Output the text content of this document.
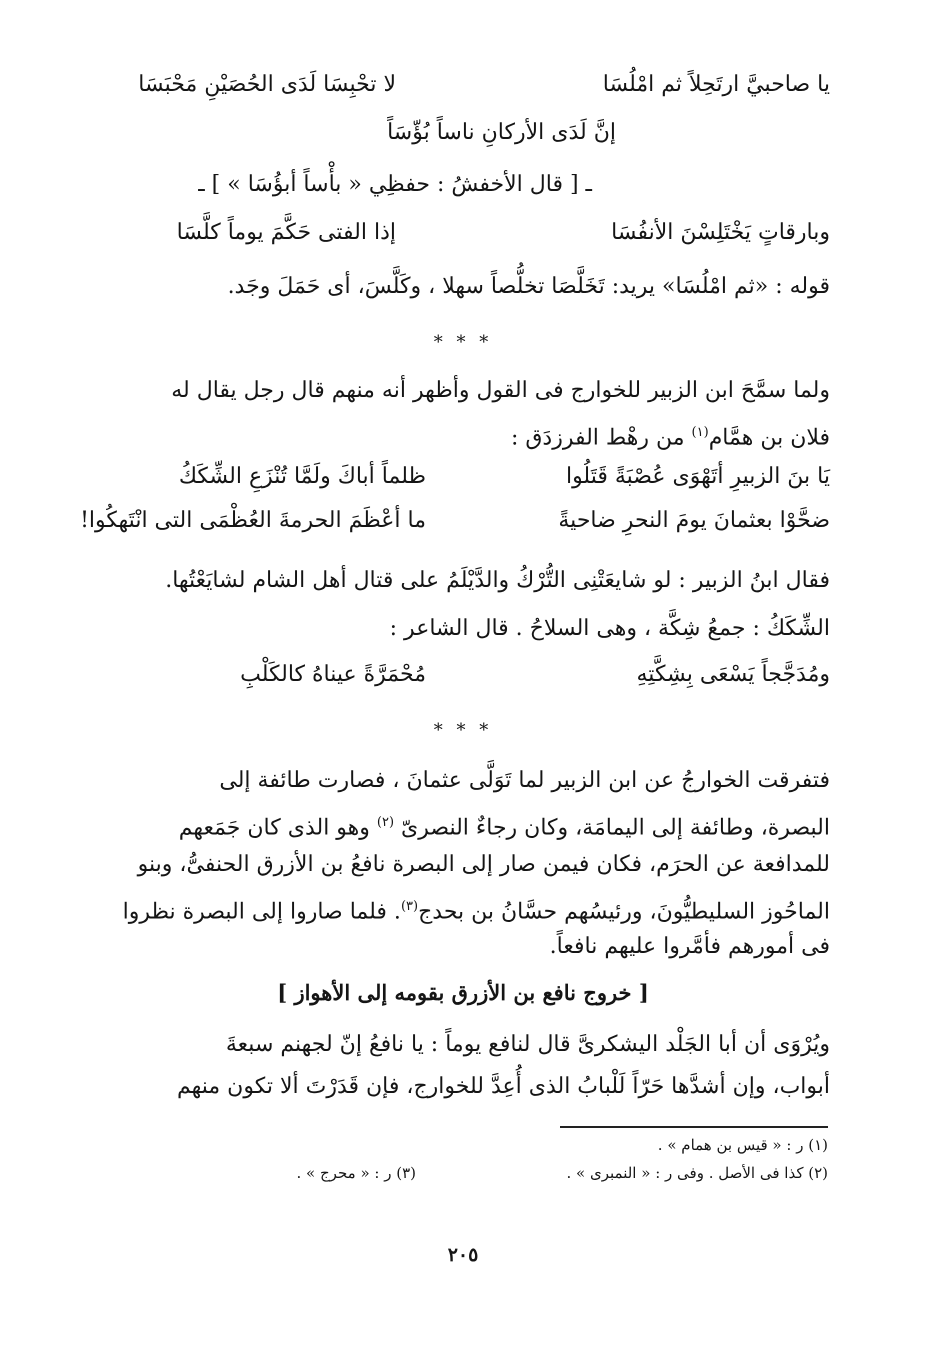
يا صاحبيَّ ارتَحِلاً ثم امْلُسَا
لا تحْبِسَا لَدَى الحُصَيْنِ مَحْبَسَا
إنَّ لَدَى الأركانِ ناساً بُؤّسَاً
ـ [ قال الأخفشُ : حفظِي « بأْساً أبؤُسَا » ] ـ
وبارقاتٍ يَخْتَلِسْنَ الأنفُسَا
إذا الفتى حَكَّمَ يوماً كلَّسَا
قوله : «ثم امْلُسَا» يريد: تَخَلَّصَا تخلُّصاً سهلا ، وكَلَّسَ، أى حَمَلَ وجَد.
* * *
ولما سمَّحَ ابن الزبير للخوارج فى القول وأظهر أنه منهم قال رجل يقال له
فلان بن همَّام$^{(١)}$ من رهْط الفرزدَق :
يَا بنَ الزبيرِ أتَهْوَى عُصْبَةً قَتَلُوا
ظلماً أباكَ ولَمَّا تُنْزَعِ الشِّكَكُ
ضحَّوْا بعثمانَ يومَ النحرِ ضاحيةً
ما أعْظَمَ الحرمةَ العُظْمَى التى انْتَهكُوا!
فقال ابنُ الزبير : لو شايعَتْنِى التُّرْكُ والدَّيْلَمُ على قتال أهل الشام لشايَعْتُها.
الشِّكَكُ : جمعُ شِكَّة ، وهى السلاحُ . قال الشاعر :
ومُدَجَّجاً يَسْعَى بِشِكَّتِهِ
مُحْمَرَّةً عيناهُ كالكَلْبِ
* * *
فتفرقت الخوارجُ عن ابن الزبير لما تَوَلَّى عثمانَ ، فصارت طائفة إلى
البصرة، وطائفة إلى اليمامَة، وكان رجاءٌ النصرىّ $^{(٢)}$ وهو الذى كان جَمَعهم
للمدافعة عن الحرَم، فكان فيمن صار إلى البصرة نافعُ بن الأزرق الحنفىُّ، وبنو
الماحُوز السليطيُّونَ، ورئيسُهم حسَّانُ بن بحدج$^{(٣)}$. فلما صاروا إلى البصرة نظروا
فى أمورهم فأمَّروا عليهم نافعاً.
[ خروج نافع بن الأزرق بقومه إلى الأهواز ]
ويُرْوَى أن أبا الجَلْد اليشكرىَّ قال لنافع يوماً : يا نافعُ إنّ لجهنم سبعةَ
أبواب، وإن أشدَّها حَرّاً لَلْبابُ الذى أُعِدَّ للخوارج، فإن قَدَرْتَ ألا تكون منهم
(١) ر : « قيس بن همام » .
(٢) كذا فى الأصل . وفى ر : « النمبرى » .
(٣) ر : « محرج » .
٢٠٥
